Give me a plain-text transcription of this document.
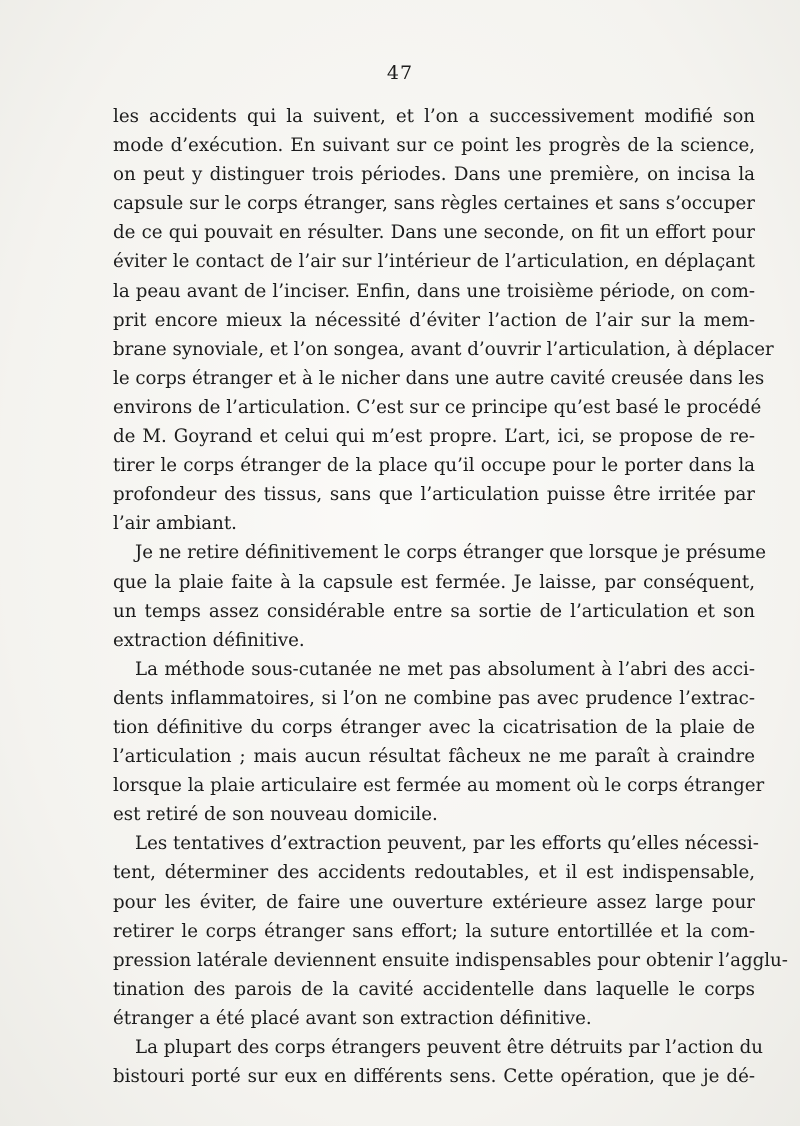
47
les accidents qui la suivent, et l’on a successivement modifié son
mode d’exécution. En suivant sur ce point les progrès de la science,
on peut y distinguer trois périodes. Dans une première, on incisa la
capsule sur le corps étranger, sans règles certaines et sans s’occuper
de ce qui pouvait en résulter. Dans une seconde, on fit un effort pour
éviter le contact de l’air sur l’intérieur de l’articulation, en déplaçant
la peau avant de l’inciser. Enfin, dans une troisième période, on com-
prit encore mieux la nécessité d’éviter l’action de l’air sur la mem-
brane synoviale, et l’on songea, avant d’ouvrir l’articulation, à déplacer
le corps étranger et à le nicher dans une autre cavité creusée dans les
environs de l’articulation. C’est sur ce principe qu’est basé le procédé
de M. Goyrand et celui qui m’est propre. L’art, ici, se propose de re-
tirer le corps étranger de la place qu’il occupe pour le porter dans la
profondeur des tissus, sans que l’articulation puisse être irritée par
l’air ambiant.
Je ne retire définitivement le corps étranger que lorsque je présume
que la plaie faite à la capsule est fermée. Je laisse, par conséquent,
un temps assez considérable entre sa sortie de l’articulation et son
extraction définitive.
La méthode sous-cutanée ne met pas absolument à l’abri des acci-
dents inflammatoires, si l’on ne combine pas avec prudence l’extrac-
tion définitive du corps étranger avec la cicatrisation de la plaie de
l’articulation ; mais aucun résultat fâcheux ne me paraît à craindre
lorsque la plaie articulaire est fermée au moment où le corps étranger
est retiré de son nouveau domicile.
Les tentatives d’extraction peuvent, par les efforts qu’elles nécessi-
tent, déterminer des accidents redoutables, et il est indispensable,
pour les éviter, de faire une ouverture extérieure assez large pour
retirer le corps étranger sans effort; la suture entortillée et la com-
pression latérale deviennent ensuite indispensables pour obtenir l’agglu-
tination des parois de la cavité accidentelle dans laquelle le corps
étranger a été placé avant son extraction définitive.
La plupart des corps étrangers peuvent être détruits par l’action du
bistouri porté sur eux en différents sens. Cette opération, que je dé-
